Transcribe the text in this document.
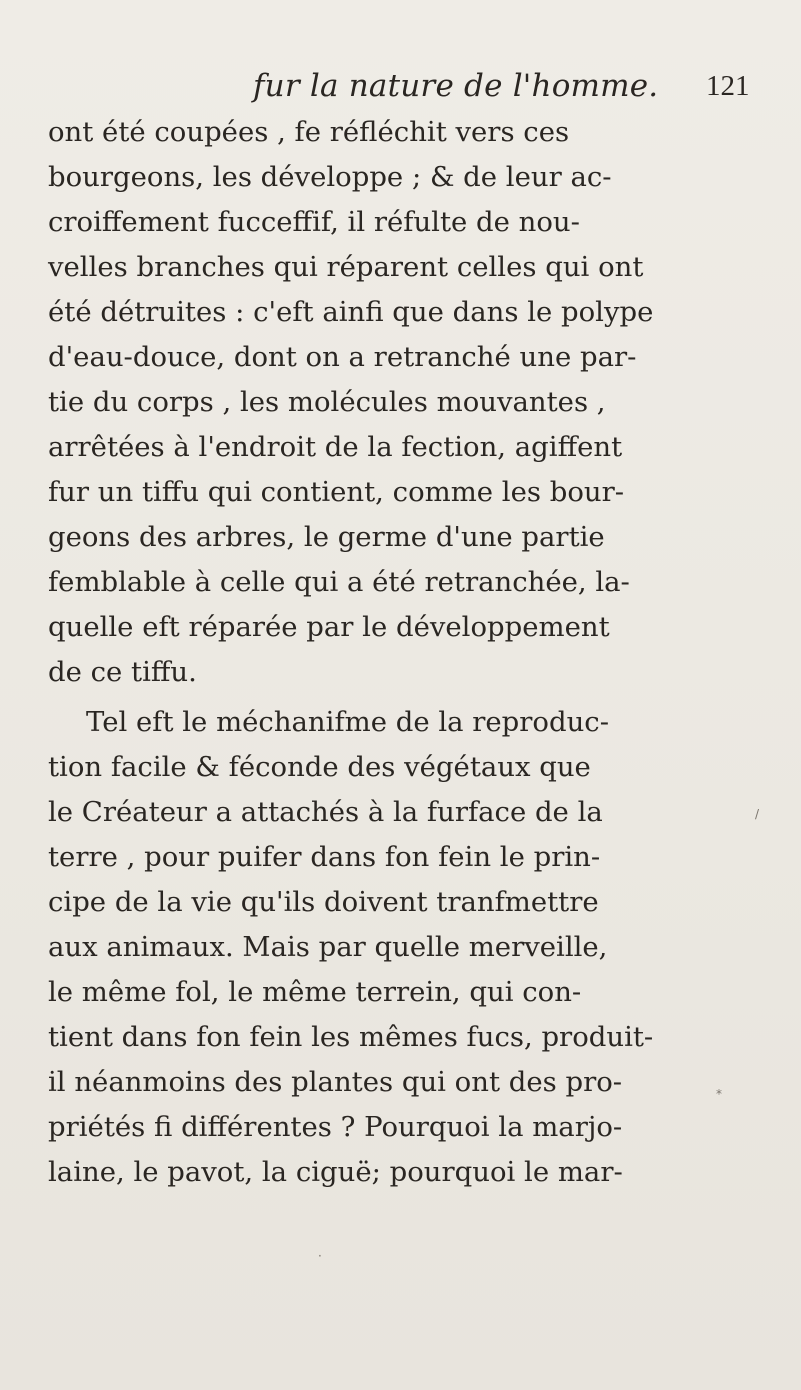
fur la nature de l'homme. 121
ont été coupées , fe réfléchit vers ces
bourgeons, les développe ; & de leur ac-
croiffement fucceffif, il réfulte de nou-
velles branches qui réparent celles qui ont
été détruites : c'eft ainfi que dans le polype
d'eau-douce, dont on a retranché une par-
tie du corps , les molécules mouvantes ,
arrêtées à l'endroit de la fection, agiffent
fur un tiffu qui contient, comme les bour-
geons des arbres, le germe d'une partie
femblable à celle qui a été retranchée, la-
quelle eft réparée par le développement
de ce tiffu.
Tel eft le méchanifme de la reproduc-
tion facile & féconde des végétaux que
le Créateur a attachés à la furface de la
terre , pour puifer dans fon fein le prin-
cipe de la vie qu'ils doivent tranfmettre
aux animaux. Mais par quelle merveille,
le même fol, le même terrein, qui con-
tient dans fon fein les mêmes fucs, produit-
il néanmoins des plantes qui ont des pro-
priétés fi différentes ? Pourquoi la marjo-
laine, le pavot, la ciguë; pourquoi le mar-
/
*
·
